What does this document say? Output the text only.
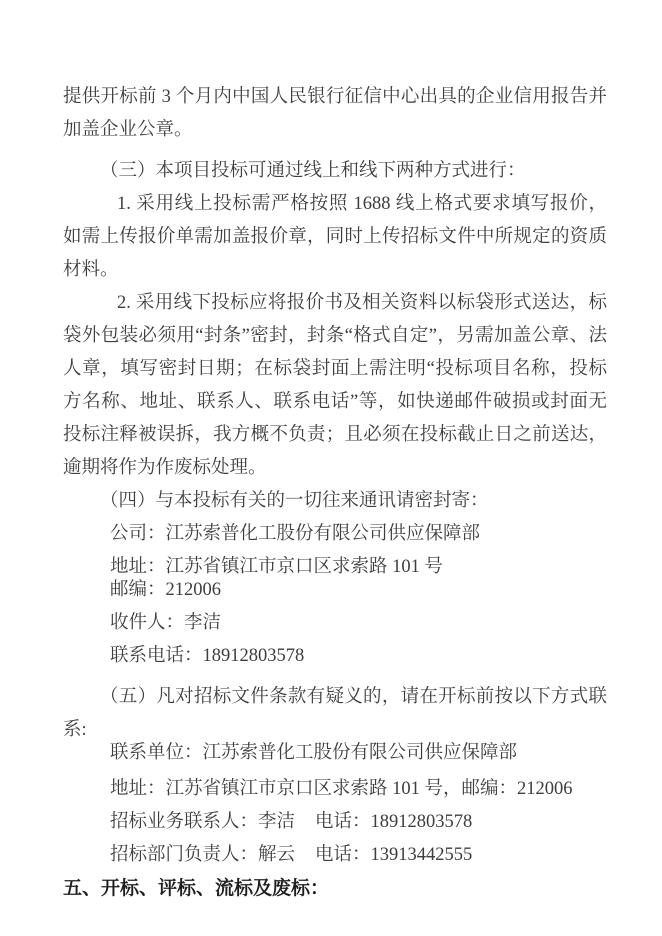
提供开标前 3 个月内中国人民银行征信中心出具的企业信用报告并加盖企业公章。

（三）本项目投标可通过线上和线下两种方式进行：

1. 采用线上投标需严格按照 1688 线上格式要求填写报价，如需上传报价单需加盖报价章，同时上传招标文件中所规定的资质材料。

2. 采用线下投标应将报价书及相关资料以标袋形式送达，标袋外包装必须用“封条”密封，封条“格式自定”，另需加盖公章、法人章，填写密封日期；在标袋封面上需注明“投标项目名称，投标方名称、地址、联系人、联系电话”等，如快递邮件破损或封面无投标注释被误拆，我方概不负责；且必须在投标截止日之前送达，逾期将作为作废标处理。

（四）与本投标有关的一切往来通讯请密封寄：

公司：江苏索普化工股份有限公司供应保障部

地址：江苏省镇江市京口区求索路 101 号

邮编：212006

收件人：李洁

联系电话：18912803578

（五）凡对招标文件条款有疑义的，请在开标前按以下方式联系:

联系单位：江苏索普化工股份有限公司供应保障部

地址：江苏省镇江市京口区求索路 101 号，邮编：212006

招标业务联系人：李洁 电话：18912803578

招标部门负责人：解云 电话：13913442555

五、开标、评标、流标及废标：
